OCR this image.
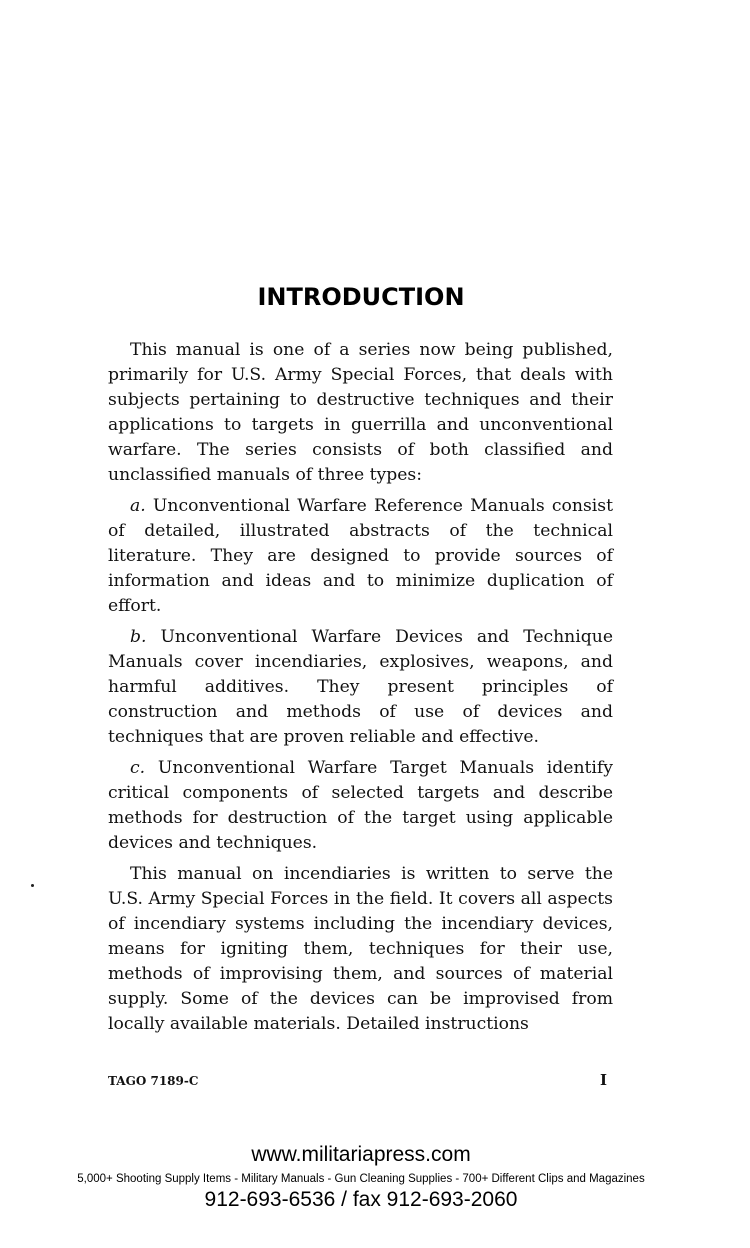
INTRODUCTION

This manual is one of a series now being published, primarily for U.S. Army Special Forces, that deals with subjects pertaining to destructive techniques and their applications to targets in guerrilla and unconventional warfare. The series consists of both classified and unclassified manuals of three types:

a. Unconventional Warfare Reference Manuals consist of detailed, illustrated abstracts of the technical literature. They are designed to provide sources of information and ideas and to minimize duplication of effort.

b. Unconventional Warfare Devices and Technique Manuals cover incendiaries, explosives, weapons, and harmful additives. They present principles of construction and methods of use of devices and techniques that are proven reliable and effective.

c. Unconventional Warfare Target Manuals identify critical components of selected targets and describe methods for destruction of the target using applicable devices and techniques.

This manual on incendiaries is written to serve the U.S. Army Special Forces in the field. It covers all aspects of incendiary systems including the incendiary devices, means for igniting them, techniques for their use, methods of improvising them, and sources of material supply. Some of the devices can be improvised from locally available materials. Detailed instructions

TAGO 7189-C	I
www.militariapress.com
5,000+ Shooting Supply Items - Military Manuals - Gun Cleaning Supplies - 700+ Different Clips and Magazines
912-693-6536 / fax 912-693-2060
